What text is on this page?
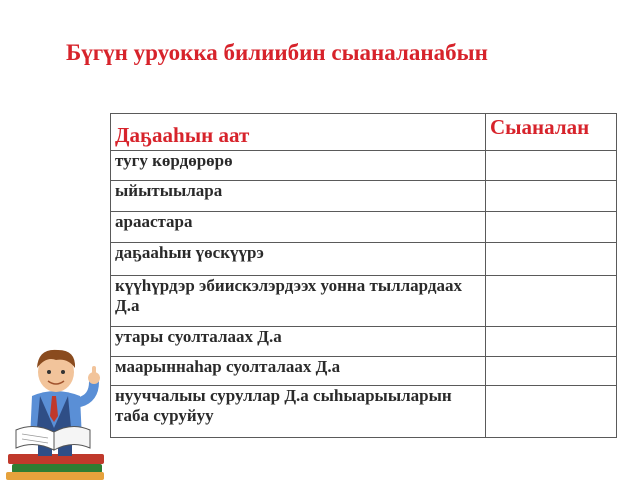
Бүгүн уруокка билиибин сыаналанабын
Даҕааһын аат	Сыаналан
тугу көрдөрөрө	
ыйытыылара	
араастара	
даҕааһын үөскүүрэ	
күүһүрдэр эбиискэлэрдээх уонна тыллардаах Д.а	
утары суолталаах Д.а	
маарыннаһар суолталаах Д.а	
нууччалыы суруллар Д.а сыһыарыыларын таба суруйуу	
